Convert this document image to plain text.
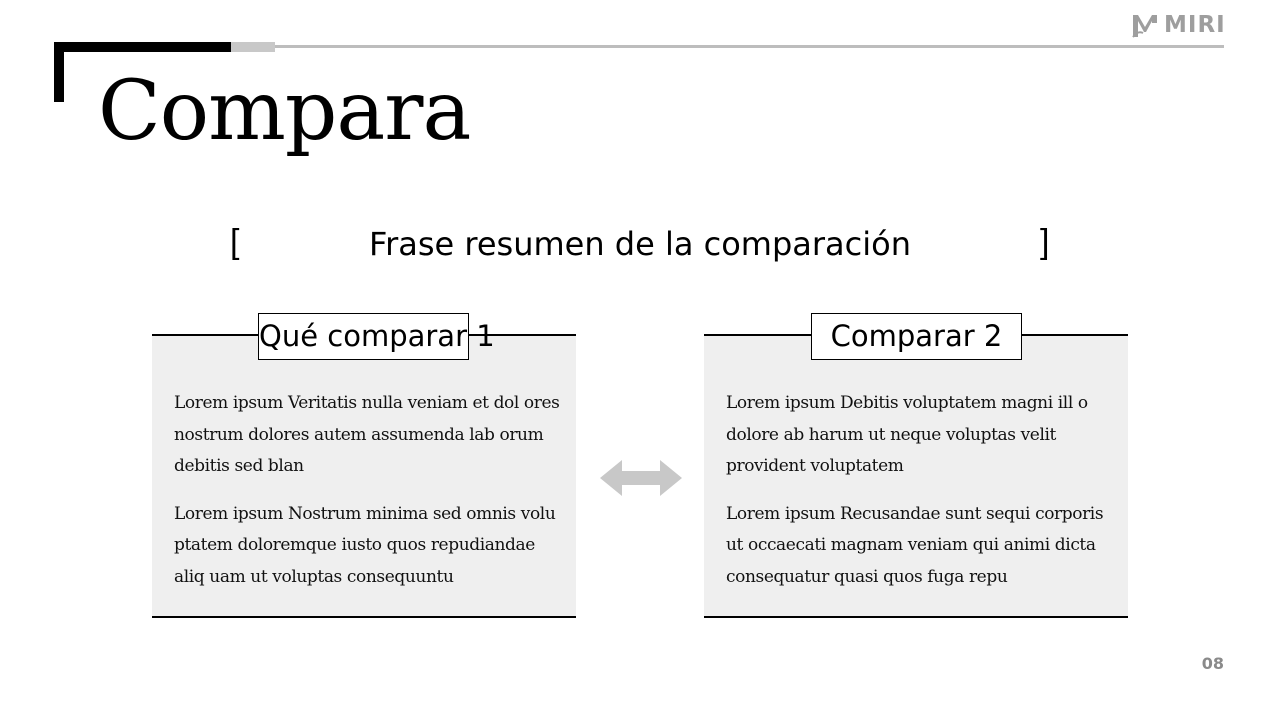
MIRI
Compara
[	Frase resumen de la comparación	]
Qué comparar 1

Lorem ipsum Veritatis nulla veniam et dol ores nostrum dolores autem assumenda lab orum debitis sed blan

Lorem ipsum Nostrum minima sed omnis volu ptatem doloremque iusto quos repudiandae aliq uam ut voluptas consequuntu

Comparar 2

Lorem ipsum Debitis voluptatem magni ill o dolore ab harum ut neque voluptas velit provident voluptatem

Lorem ipsum Recusandae sunt sequi corporis ut occaecati magnam veniam qui animi dicta consequatur quasi quos fuga repu

08
